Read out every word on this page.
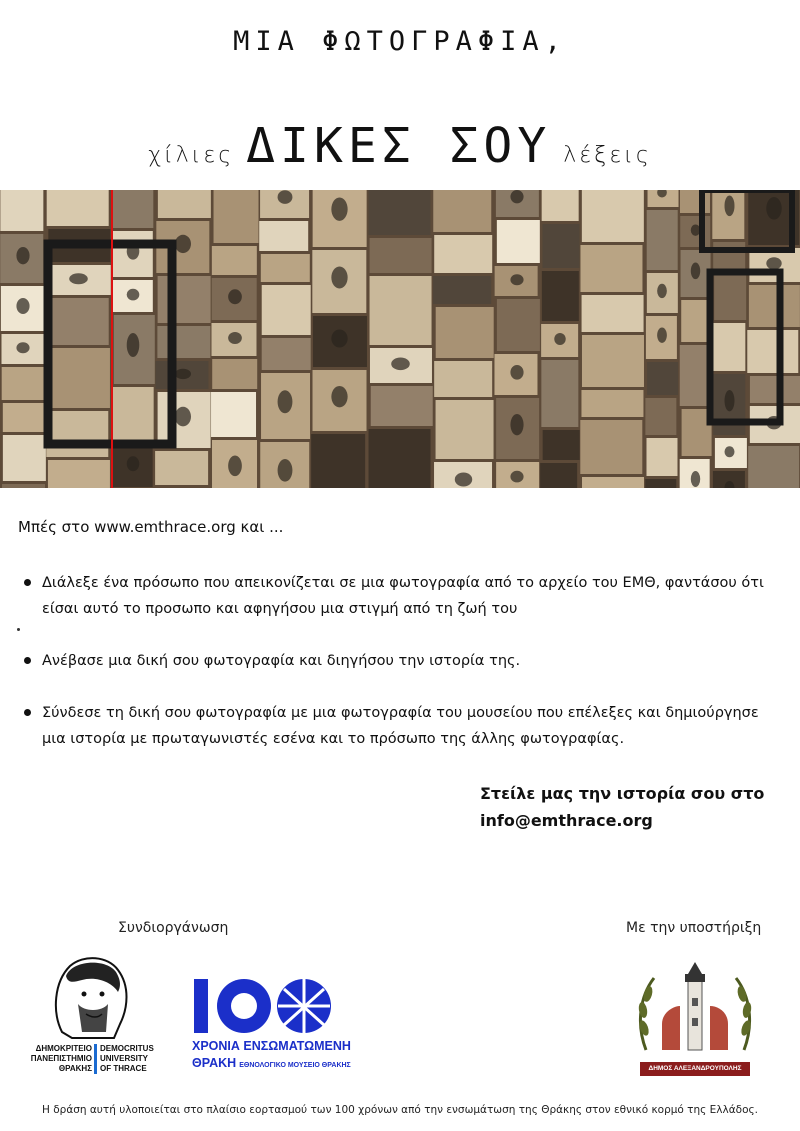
ΜΙΑ ΦΩΤΟΓΡΑΦΙΑ,
χίλιες ΔΙΚΕΣ ΣΟΥ λέξεις
Μπές στο www.emthrace.org και ...
Διάλεξε ένα πρόσωπο που απεικονίζεται σε μια φωτογραφία από το αρχείο του ΕΜΘ, φαντάσου ότι είσαι αυτό το προσωπο και αφηγήσου μια στιγμή από τη ζωή του
Ανέβασε μια δική σου φωτογραφία και διηγήσου την ιστορία της.
Σύνδεσε τη δική σου φωτογραφία με μια φωτογραφία του μουσείου που επέλεξες και δημιούργησε μια ιστορία με πρωταγωνιστές εσένα και το πρόσωπο της άλλης φωτογραφίας.
Στείλε μας την ιστορία σου στο
info@emthrace.org
Συνδιοργάνωση	Με την υποστήριξη
ΔΗΜΟΚΡΙΤΕΙΟ ΠΑΝΕΠΙΣΤΗΜΙΟ ΘΡΑΚΗΣ
DEMOCRITUS UNIVERSITY OF THRACE
ΧΡΟΝΙΑ ΕΝΣΩΜΑΤΩΜΕΝΗ
ΘΡΑΚΗ ΕΘΝΟΛΟΓΙΚΟ ΜΟΥΣΕΙΟ ΘΡΑΚΗΣ	ΔΗΜΟΣ ΑΛΕΞΑΝΔΡΟΥΠΟΛΗΣ
Η δράση αυτή υλοποιείται στο πλαίσιο εορτασμού των 100 χρόνων από την ενσωμάτωση της Θράκης στον εθνικό κορμό της Ελλάδος.
